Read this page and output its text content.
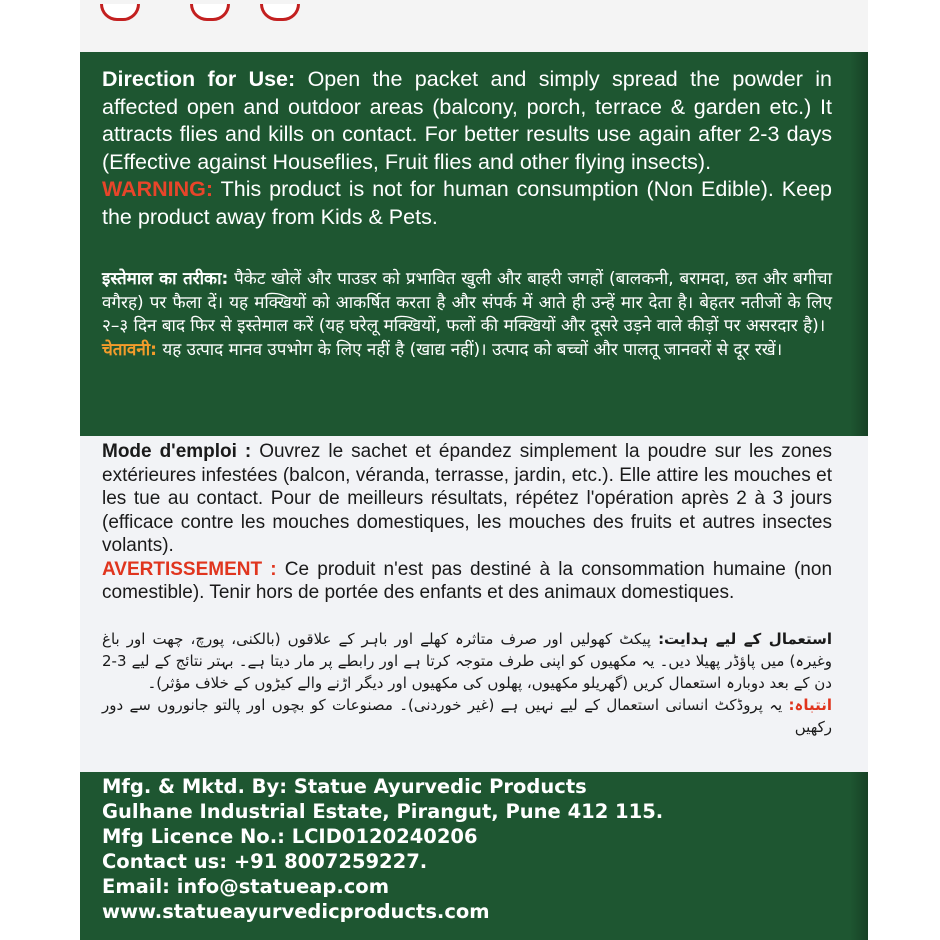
Direction for Use: Open the packet and simply spread the powder in affected open and outdoor areas (balcony, porch, terrace & garden etc.) It attracts flies and kills on contact. For better results use again after 2-3 days (Effective against Houseflies, Fruit flies and other flying insects).
WARNING: This product is not for human consumption (Non Edible). Keep the product away from Kids & Pets.
इस्तेमाल का तरीका: पैकेट खोलें और पाउडर को प्रभावित खुली और बाहरी जगहों (बालकनी, बरामदा, छत और बगीचा वगैरह) पर फैला दें। यह मक्खियों को आकर्षित करता है और संपर्क में आते ही उन्हें मार देता है। बेहतर नतीजों के लिए २–३ दिन बाद फिर से इस्तेमाल करें (यह घरेलू मक्खियों, फलों की मक्खियों और दूसरे उड़ने वाले कीड़ों पर असरदार है)।
चेतावनी: यह उत्पाद मानव उपभोग के लिए नहीं है (खाद्य नहीं)। उत्पाद को बच्चों और पालतू जानवरों से दूर रखें।
Mode d'emploi : Ouvrez le sachet et épandez simplement la poudre sur les zones extérieures infestées (balcon, véranda, terrasse, jardin, etc.). Elle attire les mouches et les tue au contact. Pour de meilleurs résultats, répétez l'opération après 2 à 3 jours (efficace contre les mouches domestiques, les mouches des fruits et autres insectes volants).
AVERTISSEMENT : Ce produit n'est pas destiné à la consommation humaine (non comestible). Tenir hors de portée des enfants et des animaux domestiques.
استعمال کے لیے ہدایت: پیکٹ کھولیں اور صرف متاثرہ کھلے اور باہر کے علاقوں (بالکنی، پورچ، چھت اور باغ وغیرہ) میں پاؤڈر پھیلا دیں۔ یہ مکھیوں کو اپنی طرف متوجہ کرتا ہے اور رابطے پر مار دیتا ہے۔ بہتر نتائج کے لیے 3-2 دن کے بعد دوبارہ استعمال کریں (گھریلو مکھیوں، پھلوں کی مکھیوں اور دیگر اڑنے والے کیڑوں کے خلاف مؤثر)۔
انتباہ: یہ پروڈکٹ انسانی استعمال کے لیے نہیں ہے (غیر خوردنی)۔ مصنوعات کو بچوں اور پالتو جانوروں سے دور رکھیں
Mfg. & Mktd. By: Statue Ayurvedic Products
Gulhane Industrial Estate, Pirangut, Pune 412 115.
Mfg Licence No.: LCID0120240206
Contact us: +91 8007259227.
Email: info@statueap.com
www.statueayurvedicproducts.com
